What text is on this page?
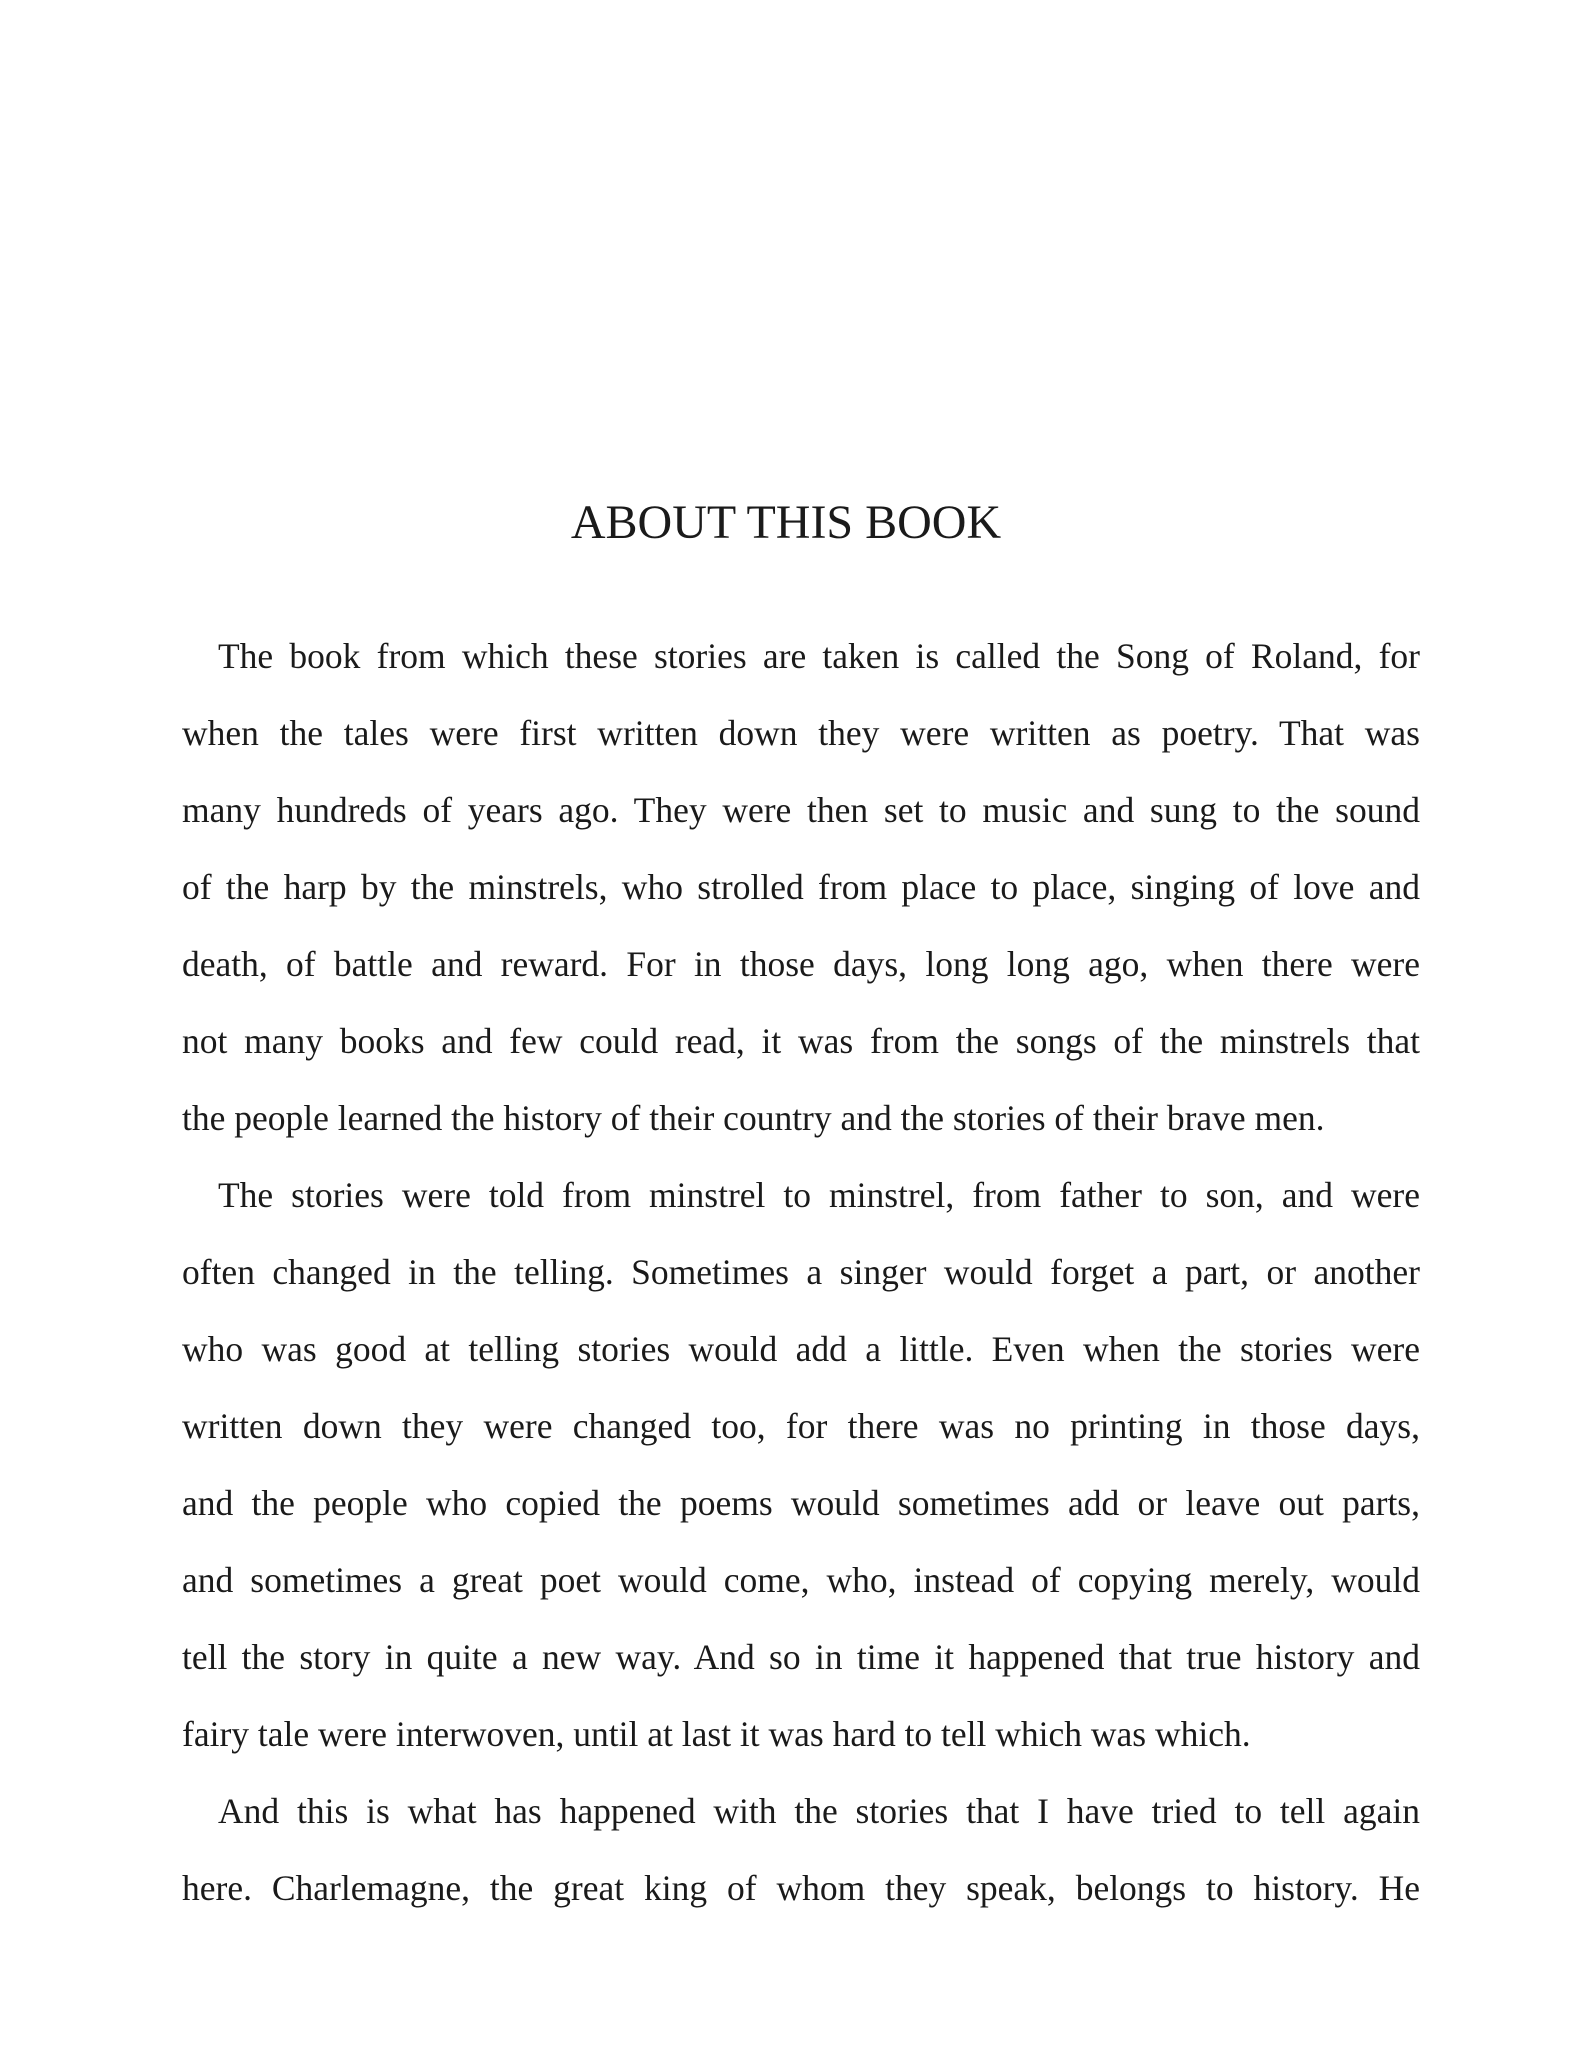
ABOUT THIS BOOK
The book from which these stories are taken is called the Song of Roland, for
when the tales were first written down they were written as poetry. That was
many hundreds of years ago. They were then set to music and sung to the sound
of the harp by the minstrels, who strolled from place to place, singing of love and
death, of battle and reward. For in those days, long long ago, when there were
not many books and few could read, it was from the songs of the minstrels that
the people learned the history of their country and the stories of their brave men.
The stories were told from minstrel to minstrel, from father to son, and were
often changed in the telling. Sometimes a singer would forget a part, or another
who was good at telling stories would add a little. Even when the stories were
written down they were changed too, for there was no printing in those days,
and the people who copied the poems would sometimes add or leave out parts,
and sometimes a great poet would come, who, instead of copying merely, would
tell the story in quite a new way. And so in time it happened that true history and
fairy tale were interwoven, until at last it was hard to tell which was which.
And this is what has happened with the stories that I have tried to tell again
here. Charlemagne, the great king of whom they speak, belongs to history. He
